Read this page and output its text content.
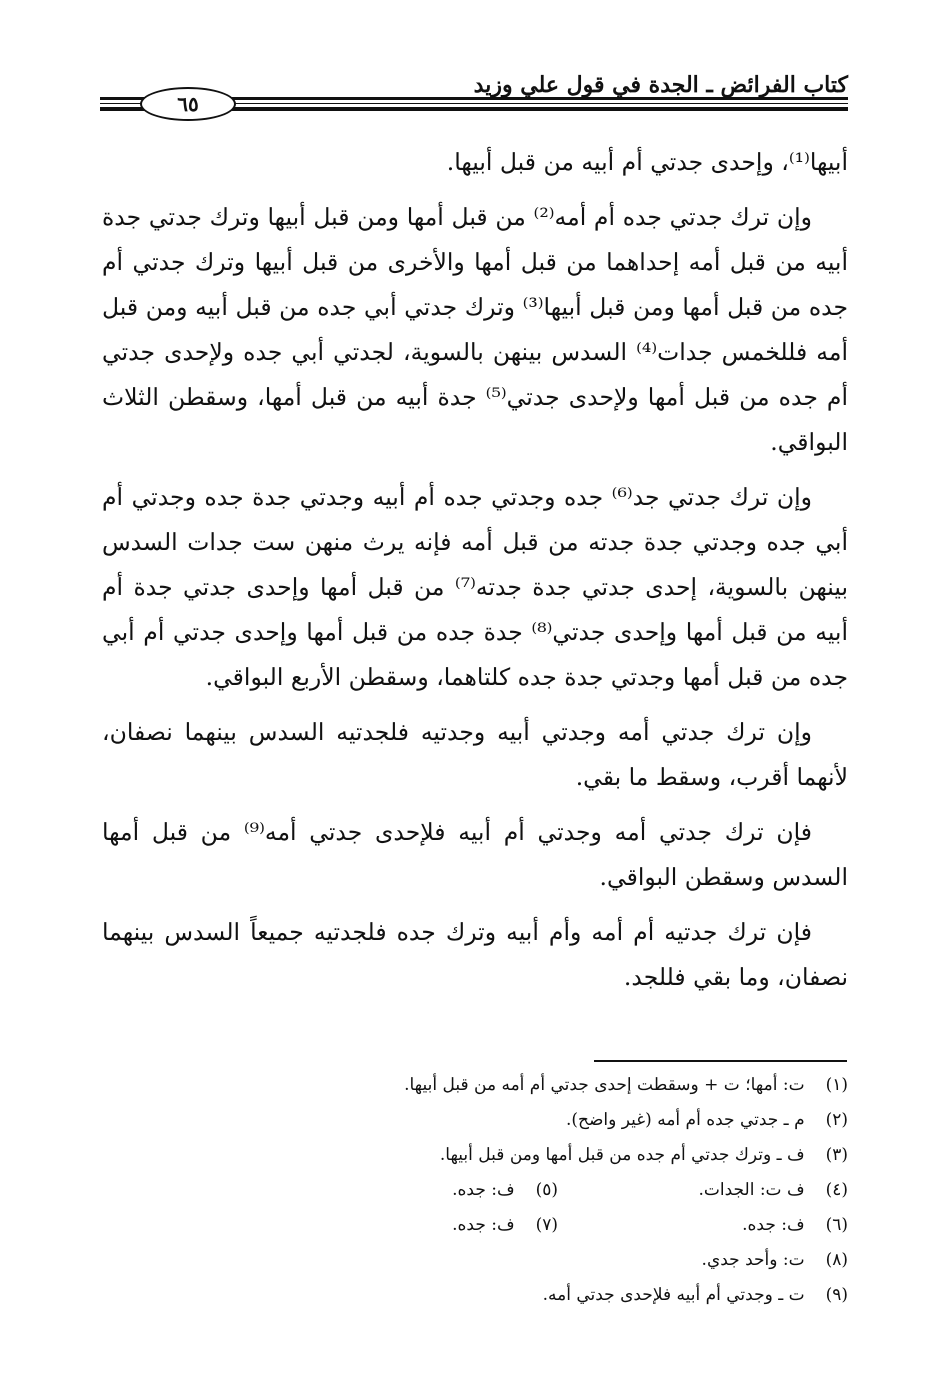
٦٥
كتاب الفرائض ـ الجدة في قول علي وزيد

أبيها⁽¹⁾، وإحدى جدتي أم أبيه من قبل أبيها.

وإن ترك جدتي جده أم أمه⁽²⁾ من قبل أمها ومن قبل أبيها وترك جدتي جدة أبيه من قبل أمه إحداهما من قبل أمها والأخرى من قبل أبيها وترك جدتي أم جده من قبل أمها ومن قبل أبيها⁽³⁾ وترك جدتي أبي جده من قبل أبيه ومن قبل أمه فللخمس جدات⁽⁴⁾ السدس بينهن بالسوية، لجدتي أبي جده ولإحدى جدتي أم جده من قبل أمها ولإحدى جدتي⁽⁵⁾ جدة أبيه من قبل أمها، وسقطن الثلاث البواقي.

وإن ترك جدتي جد⁽⁶⁾ جده وجدتي جده أم أبيه وجدتي جدة جده وجدتي أم أبي جده وجدتي جدة جدته من قبل أمه فإنه يرث منهن ست جدات السدس بينهن بالسوية، إحدى جدتي جدة جدته⁽⁷⁾ من قبل أمها وإحدى جدتي جدة أم أبيه من قبل أمها وإحدى جدتي⁽⁸⁾ جدة جده من قبل أمها وإحدى جدتي أم أبي جده من قبل أمها وجدتي جدة جده كلتاهما، وسقطن الأربع البواقي.

وإن ترك جدتي أمه وجدتي أبيه وجدتيه فلجدتيه السدس بينهما نصفان، لأنهما أقرب، وسقط ما بقي.

فإن ترك جدتي أمه وجدتي أم أبيه فلإحدى جدتي أمه⁽⁹⁾ من قبل أمها السدس وسقطن البواقي.

فإن ترك جدتيه أم أمه وأم أبيه وترك جده فلجدتيه جميعاً السدس بينهما نصفان، وما بقي فللجد.

(١) ت: أمها؛ ت + وسقطت إحدى جدتي أم أمه من قبل أبيها.
(٢) م ـ جدتي جده أم أمه (غير واضح).
(٣) ف ـ وترك جدتي أم جده من قبل أمها ومن قبل أبيها.
(٤) ف ت: الجدات.
(٥) ف: جده.
(٦) ف: جده.
(٧) ف: جده.
(٨) ت: وأحد جدي.
(٩) ت ـ وجدتي أم أبيه فلإحدى جدتي أمه.
